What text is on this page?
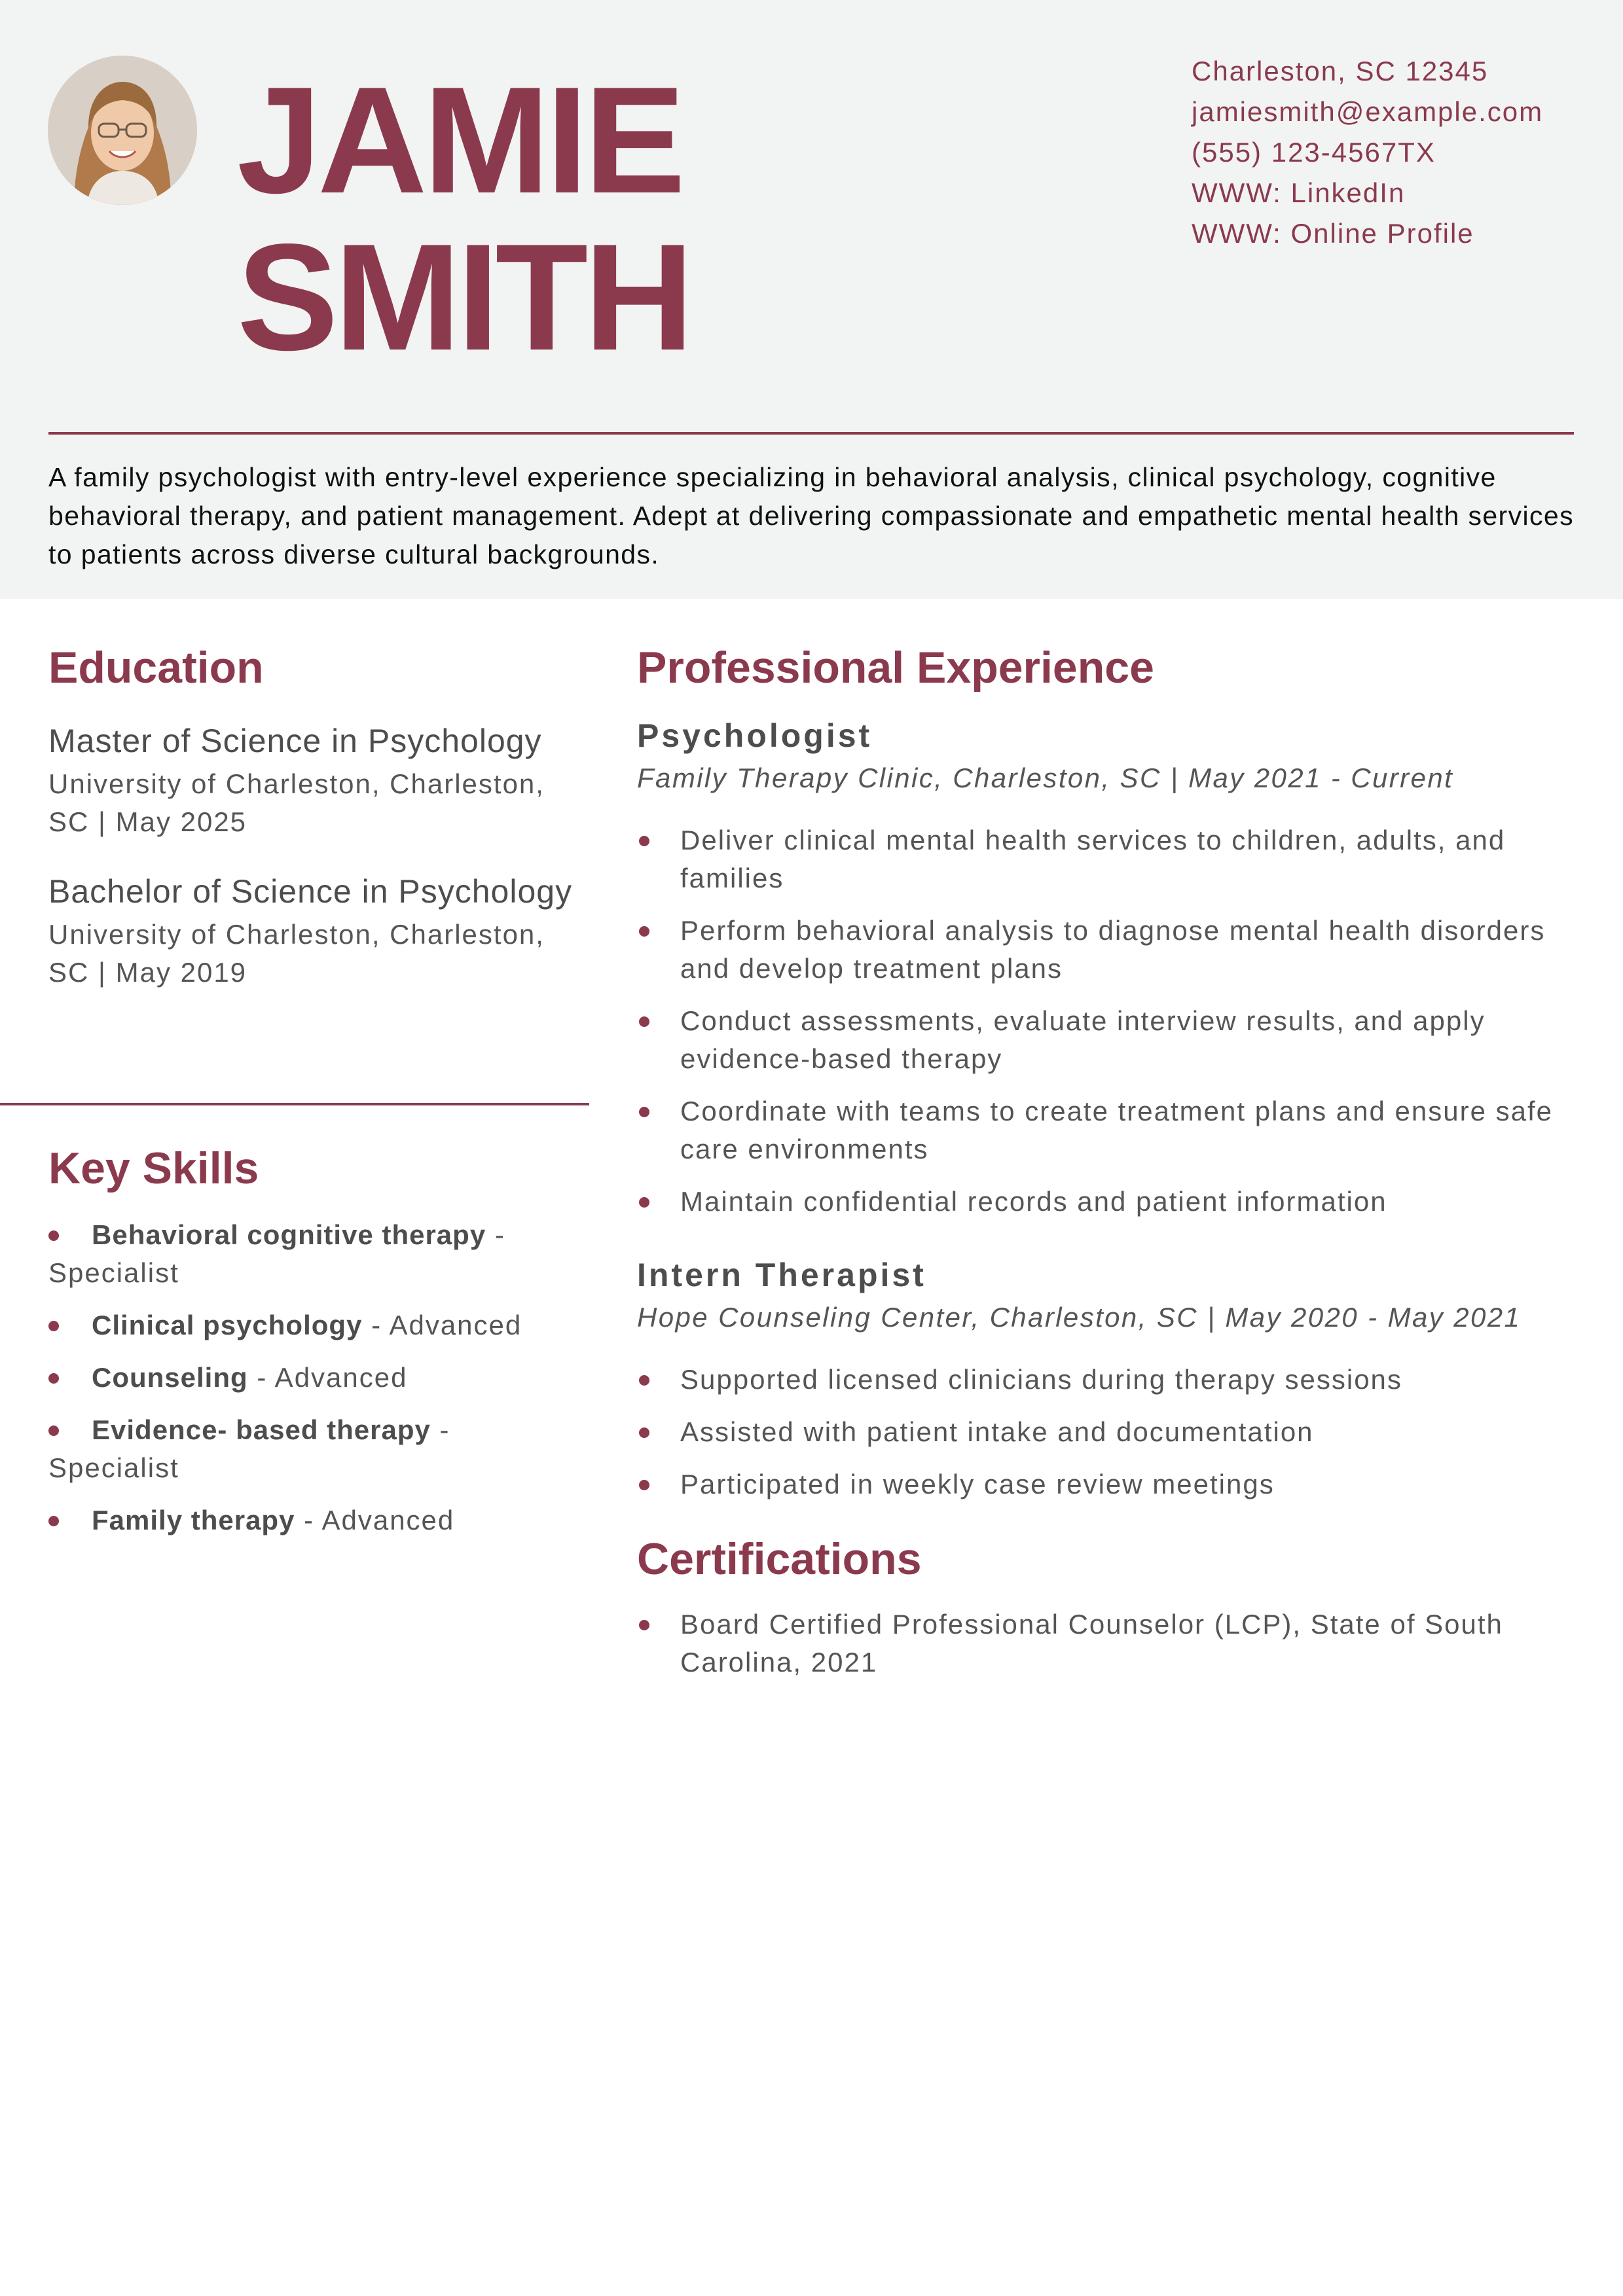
JAMIE
SMITH
Charleston, SC 12345
jamiesmith@example.com
(555) 123-4567TX
WWW: LinkedIn
WWW: Online Profile

A family psychologist with entry-level experience specializing in behavioral analysis, clinical psychology, cognitive behavioral therapy, and patient management. Adept at delivering compassionate and empathetic mental health services to patients across diverse cultural backgrounds.

Education

Master of Science in Psychology

University of Charleston, Charleston, SC | May 2025

Bachelor of Science in Psychology

University of Charleston, Charleston, SC | May 2019

Key Skills
Behavioral cognitive therapy - Specialist
Clinical psychology - Advanced
Counseling - Advanced
Evidence- based therapy - Specialist
Family therapy - Advanced
Professional Experience
Psychologist

Family Therapy Clinic, Charleston, SC | May 2021 - Current

Deliver clinical mental health services to children, adults, and families
Perform behavioral analysis to diagnose mental health disorders and develop treatment plans
Conduct assessments, evaluate interview results, and apply evidence-based therapy
Coordinate with teams to create treatment plans and ensure safe care environments
Maintain confidential records and patient information
Intern Therapist

Hope Counseling Center, Charleston, SC | May 2020 - May 2021

Supported licensed clinicians during therapy sessions
Assisted with patient intake and documentation
Participated in weekly case review meetings
Certifications
Board Certified Professional Counselor (LCP), State of South Carolina, 2021
